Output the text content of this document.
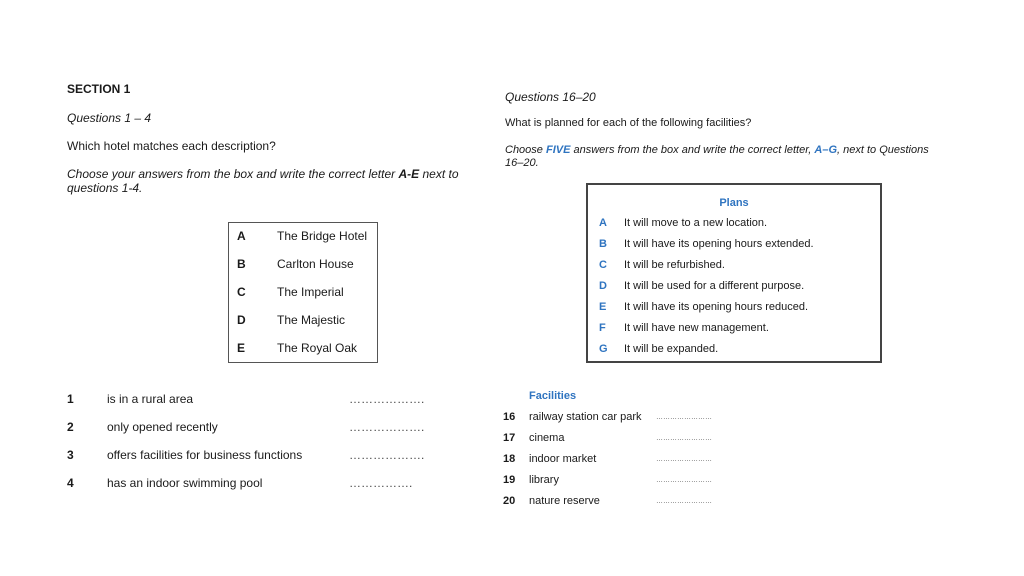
SECTION 1
Questions 1 – 4
Which hotel matches each description?
Choose your answers from the box and write the correct letter A-E next to
questions 1-4.
A	The Bridge Hotel
B	Carlton House
C	The Imperial
D	The Majestic
E	The Royal Oak
1	is in a rural area	……………….
2	only opened recently	……………….
3	offers facilities for business functions	……………….
4	has an indoor swimming pool	…………….
Questions 16–20
What is planned for each of the following facilities?
Choose FIVE answers from the box and write the correct letter, A–G, next to Questions
16–20.
Plans
A It will move to a new location.
B It will have its opening hours extended.
C It will be refurbished.
D It will be used for a different purpose.
E It will have its opening hours reduced.
F It will have new management.
G It will be expanded.
Facilities
16 railway station car park ……………………
17 cinema	……………………
18 indoor market	……………………
19 library	……………………
20 nature reserve	……………………
